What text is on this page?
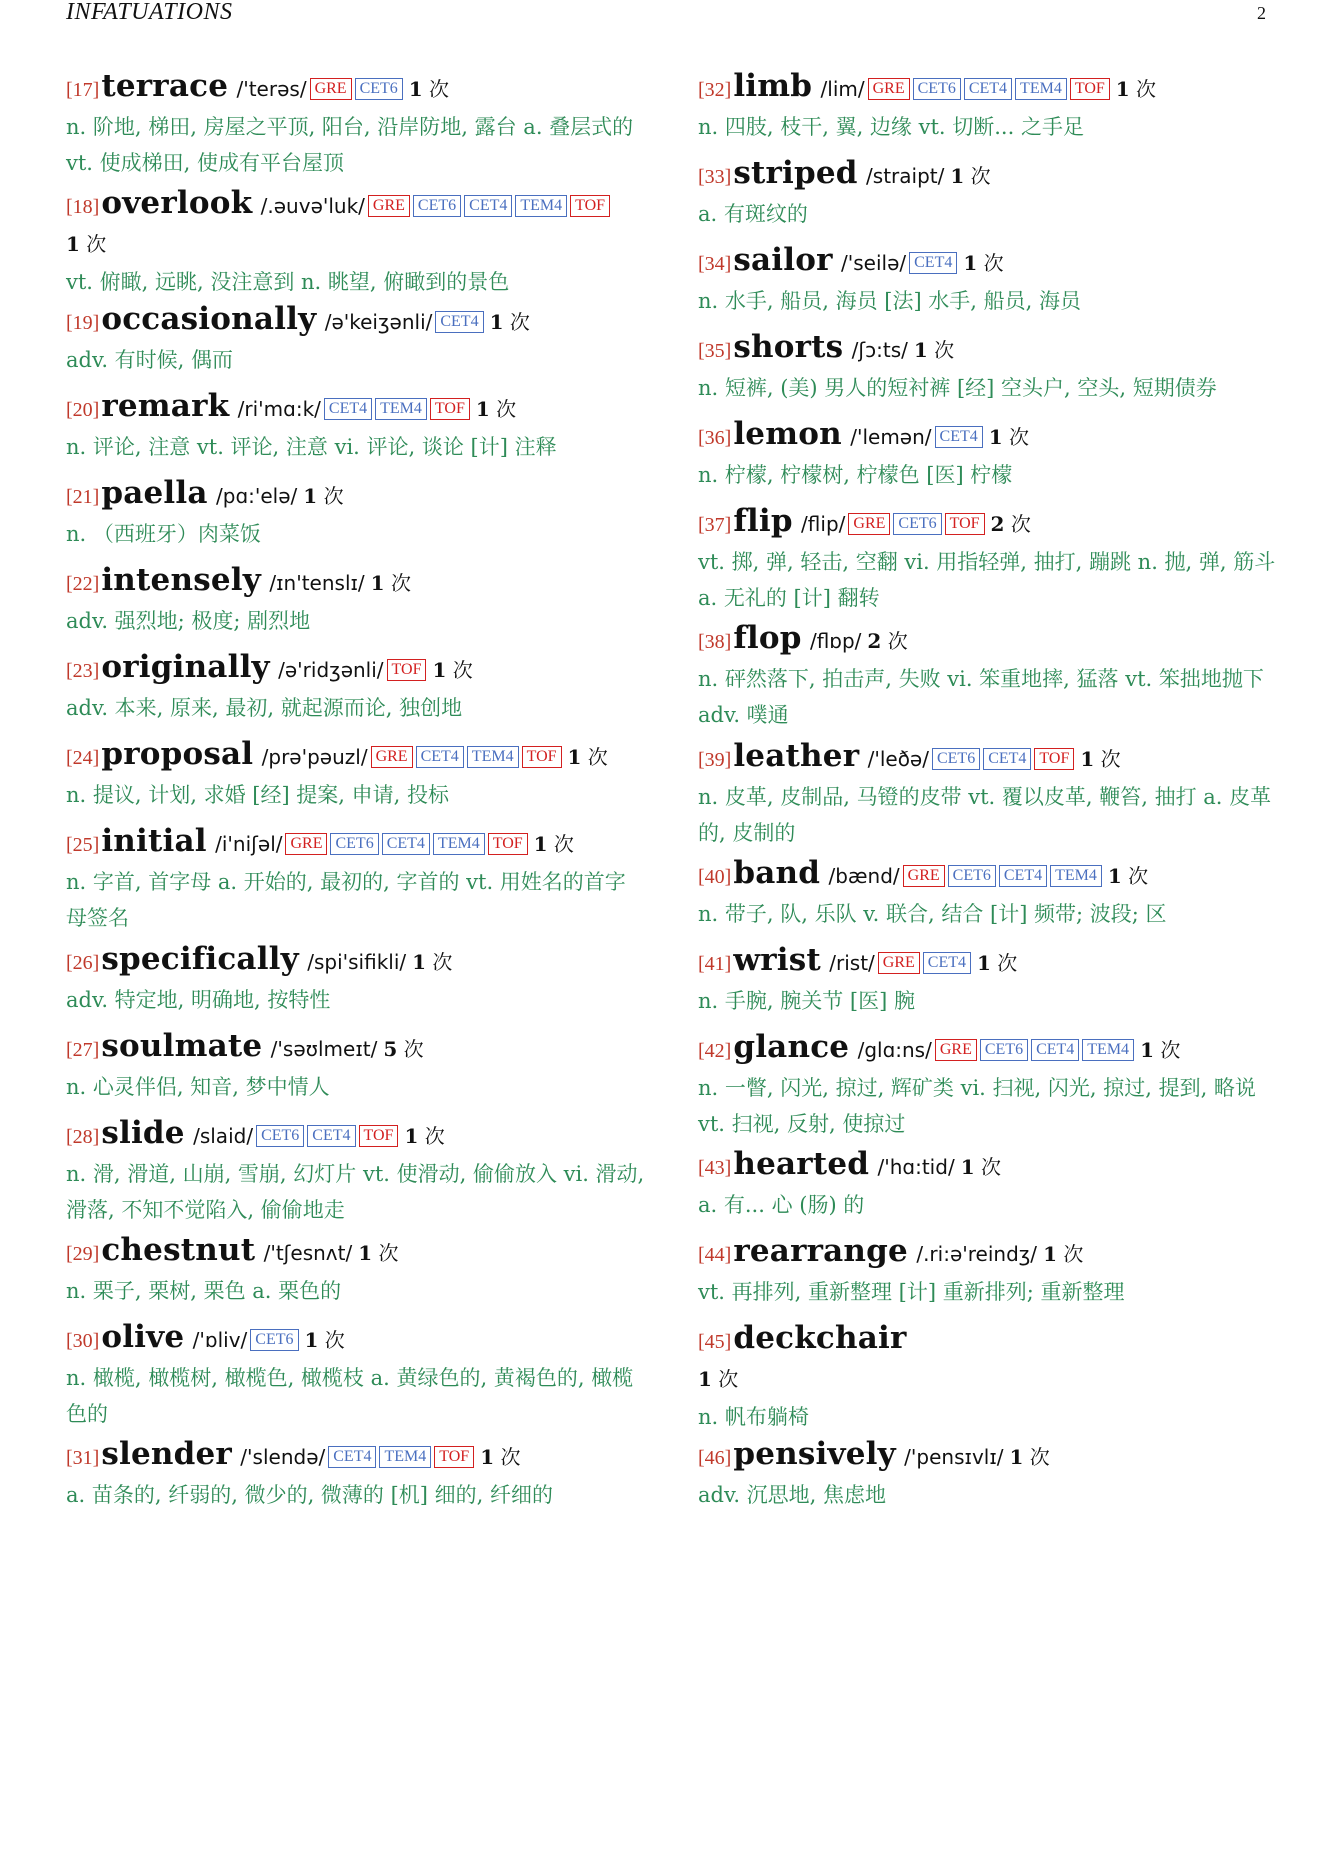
INFATUATIONS	2
[17]terrace /'terəs/ GRE CET6 1 次
n. 阶地, 梯田, 房屋之平顶, 阳台, 沿岸防地, 露台 a. 叠层式的 vt. 使成梯田, 使成有平台屋顶
[18]overlook /.əuvə'luk/ GRE CET6 CET4 TEM4 TOF
1 次
vt. 俯瞰, 远眺, 没注意到 n. 眺望, 俯瞰到的景色
[19]occasionally /ə'keiʒənli/ CET4 1 次
adv. 有时候, 偶而
[20]remark /ri'mɑ:k/ CET4 TEM4 TOF 1 次
n. 评论, 注意 vt. 评论, 注意 vi. 评论, 谈论 [计] 注释
[21]paella /pɑ:'elə/ 1 次
n. （西班牙）肉菜饭
[22]intensely /ɪn'tenslɪ/ 1 次
adv. 强烈地; 极度; 剧烈地
[23]originally /ə'ridʒənli/ TOF 1 次
adv. 本来, 原来, 最初, 就起源而论, 独创地
[24]proposal /prə'pəuzl/ GRE CET4 TEM4 TOF 1 次
n. 提议, 计划, 求婚 [经] 提案, 申请, 投标
[25]initial /i'niʃəl/ GRE CET6 CET4 TEM4 TOF 1 次
n. 字首, 首字母 a. 开始的, 最初的, 字首的 vt. 用姓名的首字母签名
[26]specifically /spi'sifikli/ 1 次
adv. 特定地, 明确地, 按特性
[27]soulmate /'səʊlmeɪt/ 5 次
n. 心灵伴侣, 知音, 梦中情人
[28]slide /slaid/ CET6 CET4 TOF 1 次
n. 滑, 滑道, 山崩, 雪崩, 幻灯片 vt. 使滑动, 偷偷放入 vi. 滑动, 滑落, 不知不觉陷入, 偷偷地走
[29]chestnut /'tʃesnʌt/ 1 次
n. 栗子, 栗树, 栗色 a. 栗色的
[30]olive /'ɒliv/ CET6 1 次
n. 橄榄, 橄榄树, 橄榄色, 橄榄枝 a. 黄绿色的, 黄褐色的, 橄榄色的
[31]slender /'slendə/ CET4 TEM4 TOF 1 次
a. 苗条的, 纤弱的, 微少的, 微薄的 [机] 细的, 纤细的
[32]limb /lim/ GRE CET6 CET4 TEM4 TOF 1 次
n. 四肢, 枝干, 翼, 边缘 vt. 切断... 之手足
[33]striped /straipt/ 1 次
a. 有斑纹的
[34]sailor /'seilə/ CET4 1 次
n. 水手, 船员, 海员 [法] 水手, 船员, 海员
[35]shorts /ʃɔ:ts/ 1 次
n. 短裤, (美) 男人的短衬裤 [经] 空头户, 空头, 短期债券
[36]lemon /'lemən/ CET4 1 次
n. 柠檬, 柠檬树, 柠檬色 [医] 柠檬
[37]flip /flip/ GRE CET6 TOF 2 次
vt. 掷, 弹, 轻击, 空翻 vi. 用指轻弹, 抽打, 蹦跳 n. 抛, 弹, 筋斗 a. 无礼的 [计] 翻转
[38]flop /flɒp/ 2 次
n. 砰然落下, 拍击声, 失败 vi. 笨重地摔, 猛落 vt. 笨拙地抛下 adv. 噗通
[39]leather /'leðə/ CET6 CET4 TOF 1 次
n. 皮革, 皮制品, 马镫的皮带 vt. 覆以皮革, 鞭笞, 抽打 a. 皮革的, 皮制的
[40]band /bænd/ GRE CET6 CET4 TEM4 1 次
n. 带子, 队, 乐队 v. 联合, 结合 [计] 频带; 波段; 区
[41]wrist /rist/ GRE CET4 1 次
n. 手腕, 腕关节 [医] 腕
[42]glance /glɑ:ns/ GRE CET6 CET4 TEM4 1 次
n. 一瞥, 闪光, 掠过, 辉矿类 vi. 扫视, 闪光, 掠过, 提到, 略说 vt. 扫视, 反射, 使掠过
[43]hearted /'hɑ:tid/ 1 次
a. 有... 心 (肠) 的
[44]rearrange /.ri:ə'reindʒ/ 1 次
vt. 再排列, 重新整理 [计] 重新排列; 重新整理
[45]deckchair
1 次
n. 帆布躺椅
[46]pensively /'pensɪvlɪ/ 1 次
adv. 沉思地, 焦虑地
